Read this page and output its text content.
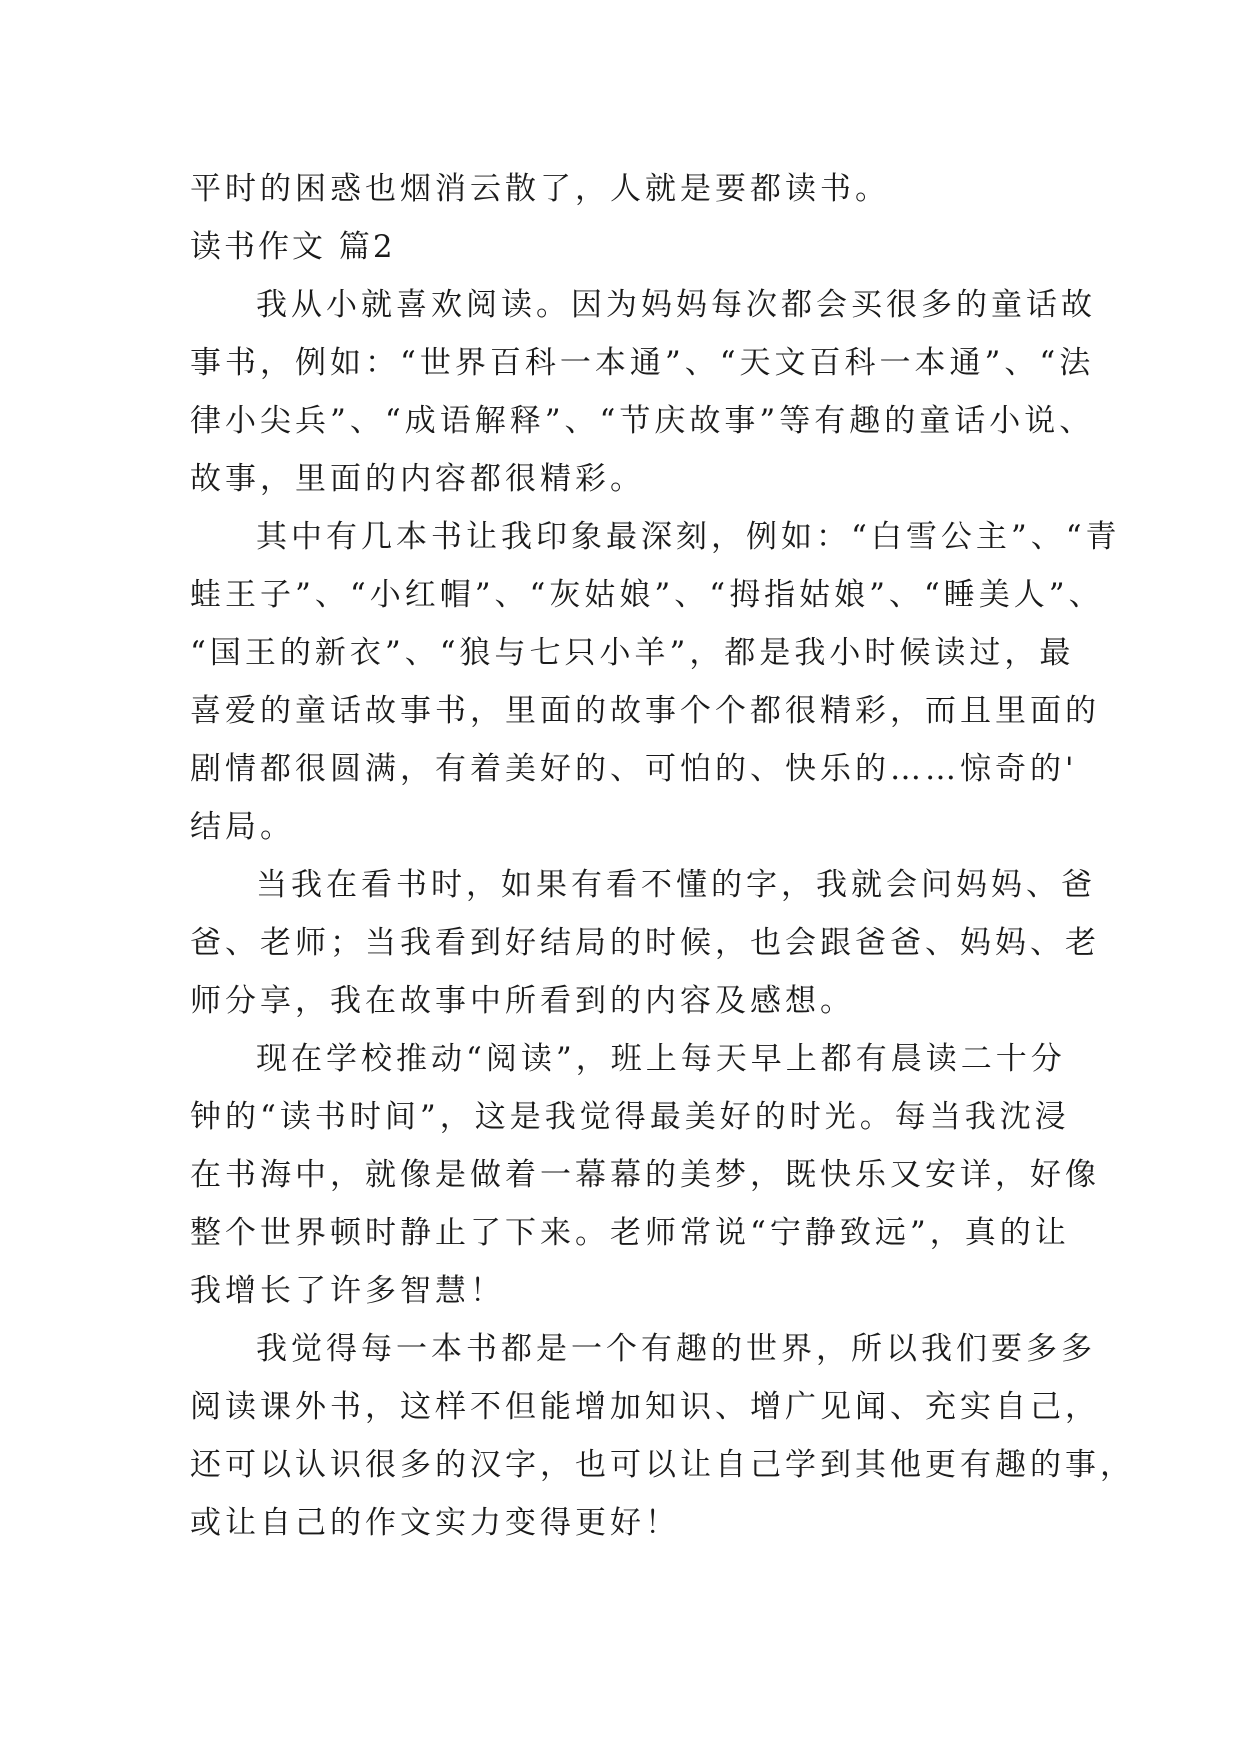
平时的困惑也烟消云散了，人就是要都读书。
读书作文 篇2
我从小就喜欢阅读。因为妈妈每次都会买很多的童话故
事书，例如：“世界百科一本通”、“天文百科一本通”、“法
律小尖兵”、“成语解释”、“节庆故事”等有趣的童话小说、
故事，里面的内容都很精彩。
其中有几本书让我印象最深刻，例如：“白雪公主”、“青
蛙王子”、“小红帽”、“灰姑娘”、“拇指姑娘”、“睡美人”、
“国王的新衣”、“狼与七只小羊”，都是我小时候读过，最
喜爱的童话故事书，里面的故事个个都很精彩，而且里面的
剧情都很圆满，有着美好的、可怕的、快乐的……惊奇的'
结局。
当我在看书时，如果有看不懂的字，我就会问妈妈、爸
爸、老师；当我看到好结局的时候，也会跟爸爸、妈妈、老
师分享，我在故事中所看到的内容及感想。
现在学校推动“阅读”，班上每天早上都有晨读二十分
钟的“读书时间”，这是我觉得最美好的时光。每当我沈浸
在书海中，就像是做着一幕幕的美梦，既快乐又安详，好像
整个世界顿时静止了下来。老师常说“宁静致远”，真的让
我增长了许多智慧！
我觉得每一本书都是一个有趣的世界，所以我们要多多
阅读课外书，这样不但能增加知识、增广见闻、充实自己，
还可以认识很多的汉字，也可以让自己学到其他更有趣的事，
或让自己的作文实力变得更好！
